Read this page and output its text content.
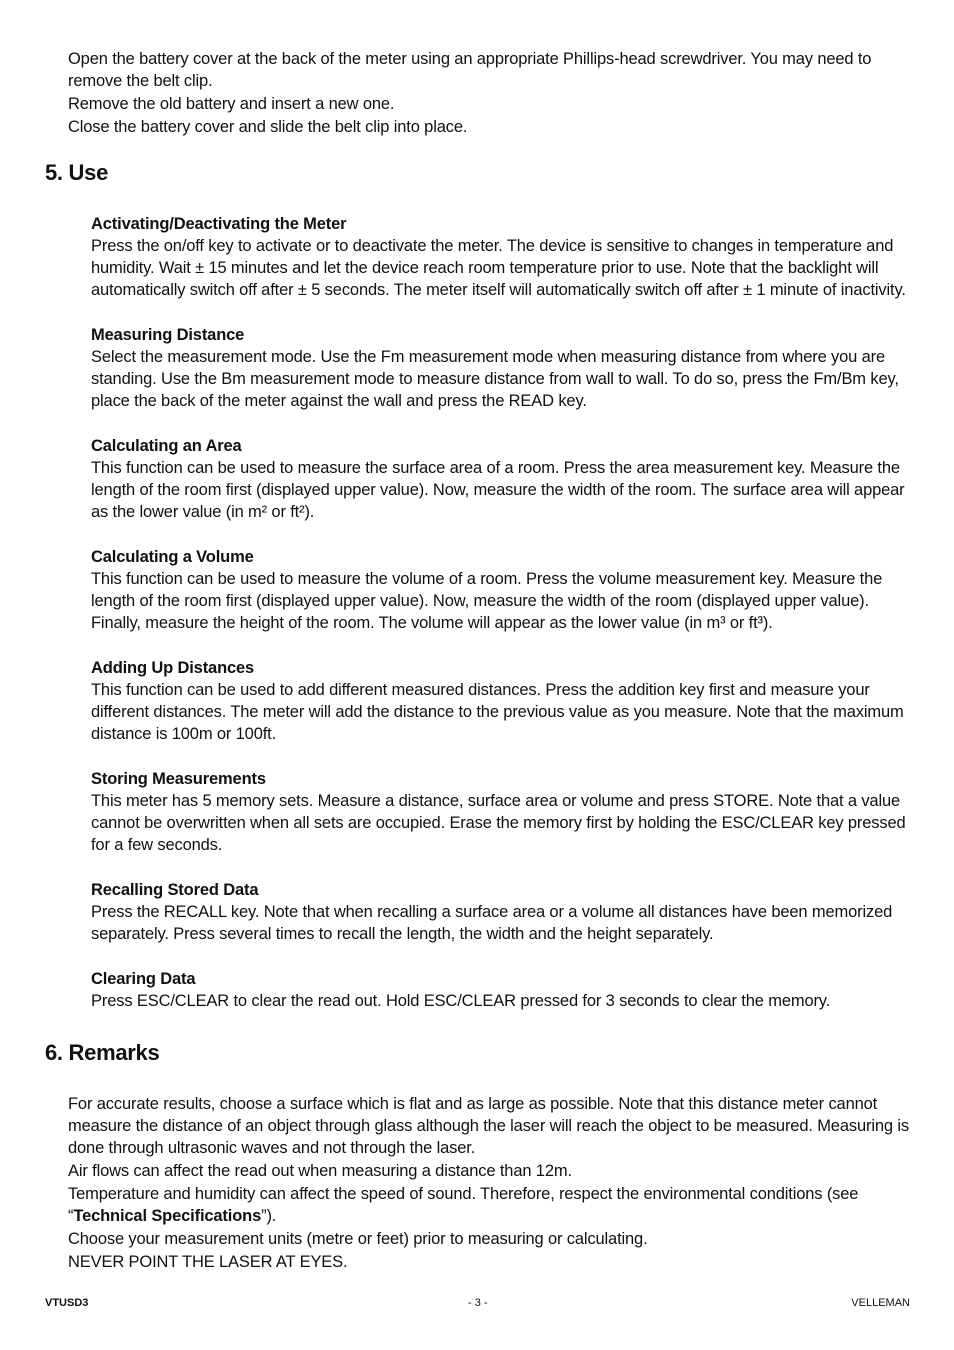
Open the battery cover at the back of the meter using an appropriate Phillips-head screwdriver. You may need to remove the belt clip.

Remove the old battery and insert a new one.

Close the battery cover and slide the belt clip into place.

5. Use
Activating/Deactivating the Meter

Press the on/off key to activate or to deactivate the meter. The device is sensitive to changes in temperature and humidity. Wait ± 15 minutes and let the device reach room temperature prior to use. Note that the backlight will automatically switch off after ± 5 seconds. The meter itself will automatically switch off after ± 1 minute of inactivity.

Measuring Distance

Select the measurement mode. Use the Fm measurement mode when measuring distance from where you are standing. Use the Bm measurement mode to measure distance from wall to wall. To do so, press the Fm/Bm key, place the back of the meter against the wall and press the READ key.

Calculating an Area

This function can be used to measure the surface area of a room. Press the area measurement key. Measure the length of the room first (displayed upper value). Now, measure the width of the room. The surface area will appear as the lower value (in m² or ft²).

Calculating a Volume

This function can be used to measure the volume of a room. Press the volume measurement key. Measure the length of the room first (displayed upper value). Now, measure the width of the room (displayed upper value). Finally, measure the height of the room. The volume will appear as the lower value (in m³ or ft³).

Adding Up Distances

This function can be used to add different measured distances. Press the addition key first and measure your different distances. The meter will add the distance to the previous value as you measure. Note that the maximum distance is 100m or 100ft.

Storing Measurements

This meter has 5 memory sets. Measure a distance, surface area or volume and press STORE. Note that a value cannot be overwritten when all sets are occupied. Erase the memory first by holding the ESC/CLEAR key pressed for a few seconds.

Recalling Stored Data

Press the RECALL key. Note that when recalling a surface area or a volume all distances have been memorized separately. Press several times to recall the length, the width and the height separately.

Clearing Data

Press ESC/CLEAR to clear the read out. Hold ESC/CLEAR pressed for 3 seconds to clear the memory.

6. Remarks

For accurate results, choose a surface which is flat and as large as possible. Note that this distance meter cannot measure the distance of an object through glass although the laser will reach the object to be measured. Measuring is done through ultrasonic waves and not through the laser.

Air flows can affect the read out when measuring a distance than 12m.

Temperature and humidity can affect the speed of sound. Therefore, respect the environmental conditions (see “Technical Specifications”).

Choose your measurement units (metre or feet) prior to measuring or calculating.

NEVER POINT THE LASER AT EYES.

VTUSD3	- 3 -	VELLEMAN
